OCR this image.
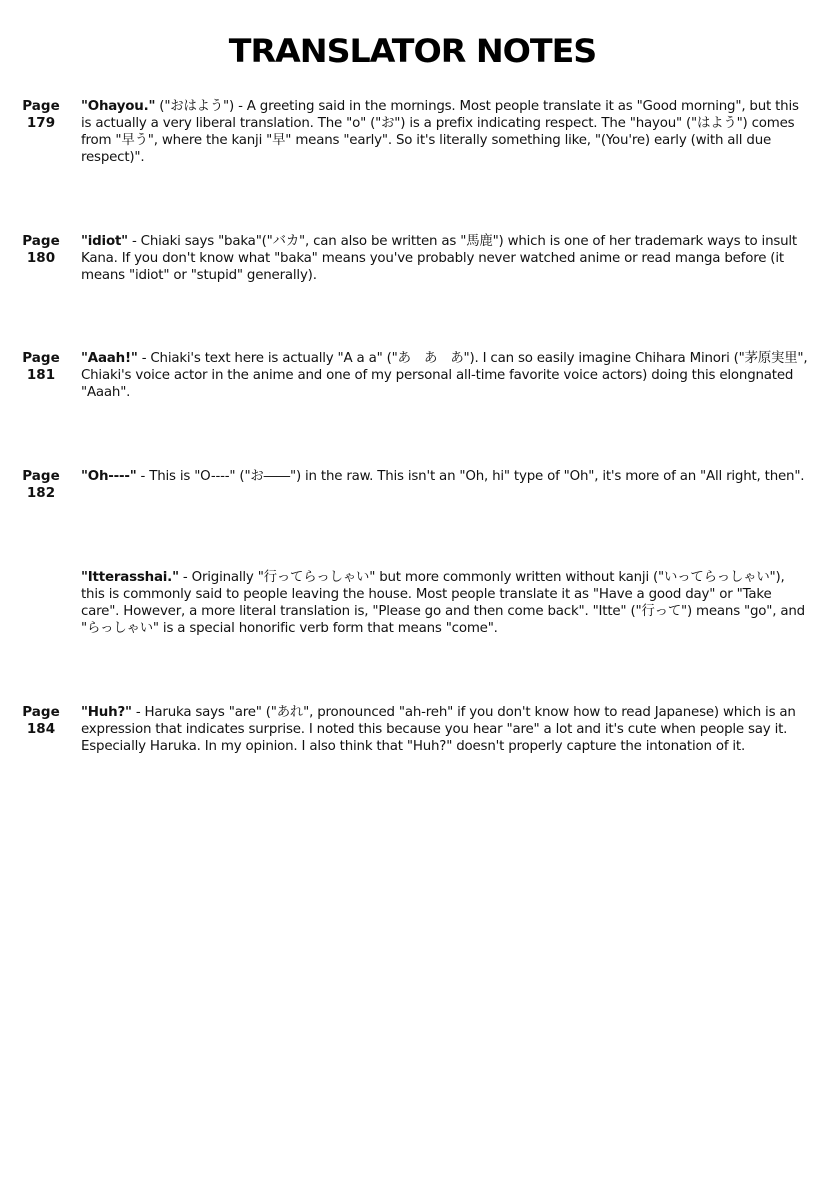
TRANSLATOR NOTES
Page
179

"Ohayou." ("おはよう") - A greeting said in the mornings. Most people translate it as "Good morning", but this is actually a very liberal translation. The "o" ("お") is a prefix indicating respect. The "hayou" ("はよう") comes from "早う", where the kanji "早" means "early". So it's literally something like, "(You're) early (with all due respect)".

Page
180

"idiot" - Chiaki says "baka"("バカ", can also be written as "馬鹿") which is one of her trademark ways to insult Kana. If you don't know what "baka" means you've probably never watched anime or read manga before (it means "idiot" or "stupid" generally).

Page
181

"Aaah!" - Chiaki's text here is actually "A a a" ("あ　あ　あ"). I can so easily imagine Chihara Minori ("茅原実里", Chiaki's voice actor in the anime and one of my personal all-time favorite voice actors) doing this elongnated "Aaah".

Page
182

"Oh----" - This is "O----" ("お――") in the raw. This isn't an "Oh, hi" type of "Oh", it's more of an "All right, then".

"Itterasshai." - Originally "行ってらっしゃい" but more commonly written without kanji ("いってらっしゃい"), this is commonly said to people leaving the house. Most people translate it as "Have a good day" or "Take care". However, a more literal translation is, "Please go and then come back". "Itte" ("行って") means "go", and "らっしゃい" is a special honorific verb form that means "come".

Page
184

"Huh?" - Haruka says "are" ("あれ", pronounced "ah-reh" if you don't know how to read Japanese) which is an expression that indicates surprise. I noted this because you hear "are" a lot and it's cute when people say it. Especially Haruka. In my opinion. I also think that "Huh?" doesn't properly capture the intonation of it.
